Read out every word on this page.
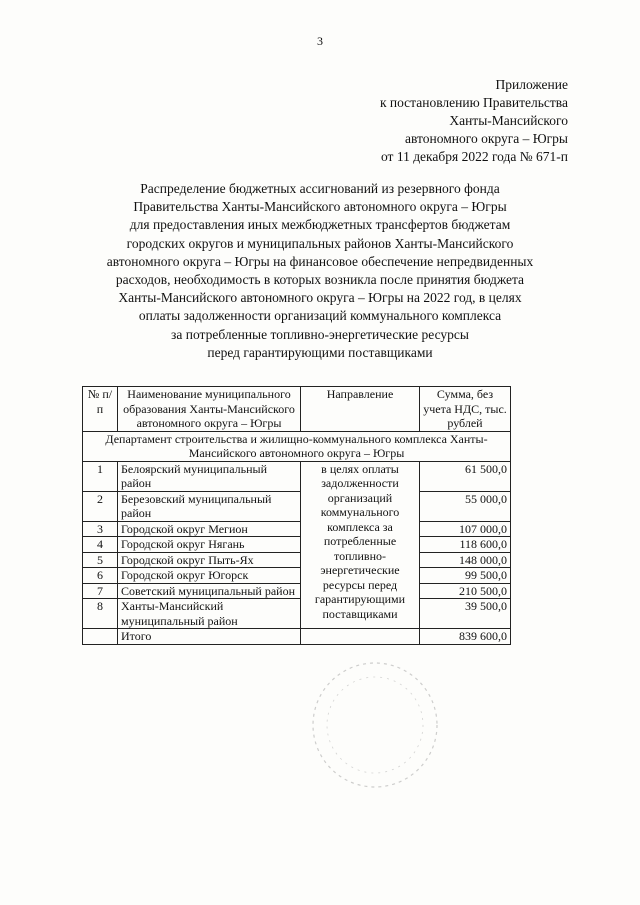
3
Приложение
к постановлению Правительства
Ханты-Мансийского
автономного округа – Югры
от 11 декабря 2022 года № 671-п
Распределение бюджетных ассигнований из резервного фонда
Правительства Ханты-Мансийского автономного округа – Югры
для предоставления иных межбюджетных трансфертов бюджетам
городских округов и муниципальных районов Ханты-Мансийского
автономного округа – Югры на финансовое обеспечение непредвиденных
расходов, необходимость в которых возникла после принятия бюджета
Ханты-Мансийского автономного округа – Югры на 2022 год, в целях
оплаты задолженности организаций коммунального комплекса
за потребленные топливно-энергетические ресурсы
перед гарантирующими поставщиками
№ п/п	Наименование муниципального образования Ханты-Мансийского автономного округа – Югры	Направление	Сумма, без учета НДС, тыс. рублей
Департамент строительства и жилищно-коммунального комплекса Ханты-Мансийского автономного округа – Югры			
1	Белоярский муниципальный район	в целях оплаты задолженности организаций коммунального комплекса за потребленные топливно-энергетические ресурсы перед гарантирующими поставщиками	61 500,0
2	Березовский муниципальный район		55 000,0
3	Городской округ Мегион		107 000,0
4	Городской округ Нягань		118 600,0
5	Городской округ Пыть-Ях		148 000,0
6	Городской округ Югорск		99 500,0
7	Советский муниципальный район		210 500,0
8	Ханты-Мансийский муниципальный район		39 500,0
	Итого		839 600,0
